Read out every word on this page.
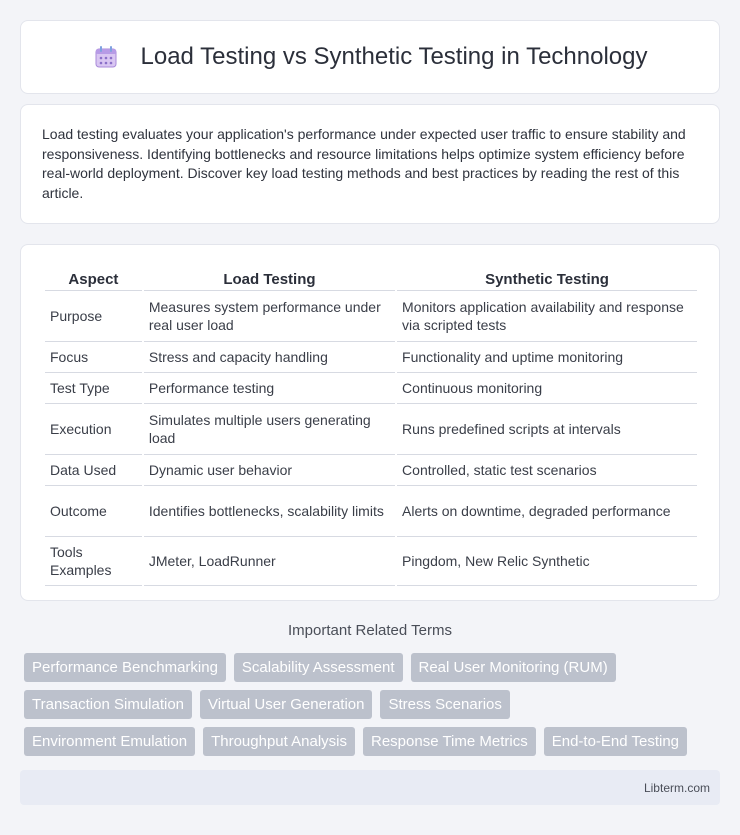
Load Testing vs Synthetic Testing in Technology

Load testing evaluates your application's performance under expected user traffic to ensure stability and responsiveness. Identifying bottlenecks and resource limitations helps optimize system efficiency before real-world deployment. Discover key load testing methods and best practices by reading the rest of this article.

Aspect	Load Testing	Synthetic Testing
Purpose	Measures system performance under real user load	Monitors application availability and response via scripted tests
Focus	Stress and capacity handling	Functionality and uptime monitoring
Test Type	Performance testing	Continuous monitoring
Execution	Simulates multiple users generating load	Runs predefined scripts at intervals
Data Used	Dynamic user behavior	Controlled, static test scenarios
Outcome	Identifies bottlenecks, scalability limits	Alerts on downtime, degraded performance
Tools Examples	JMeter, LoadRunner	Pingdom, New Relic Synthetic
Important Related Terms
Performance Benchmarking	Scalability Assessment	Real User Monitoring (RUM)
Transaction Simulation	Virtual User Generation	Stress Scenarios
Environment Emulation	Throughput Analysis	Response Time Metrics	End-to-End Testing
Libterm.com
